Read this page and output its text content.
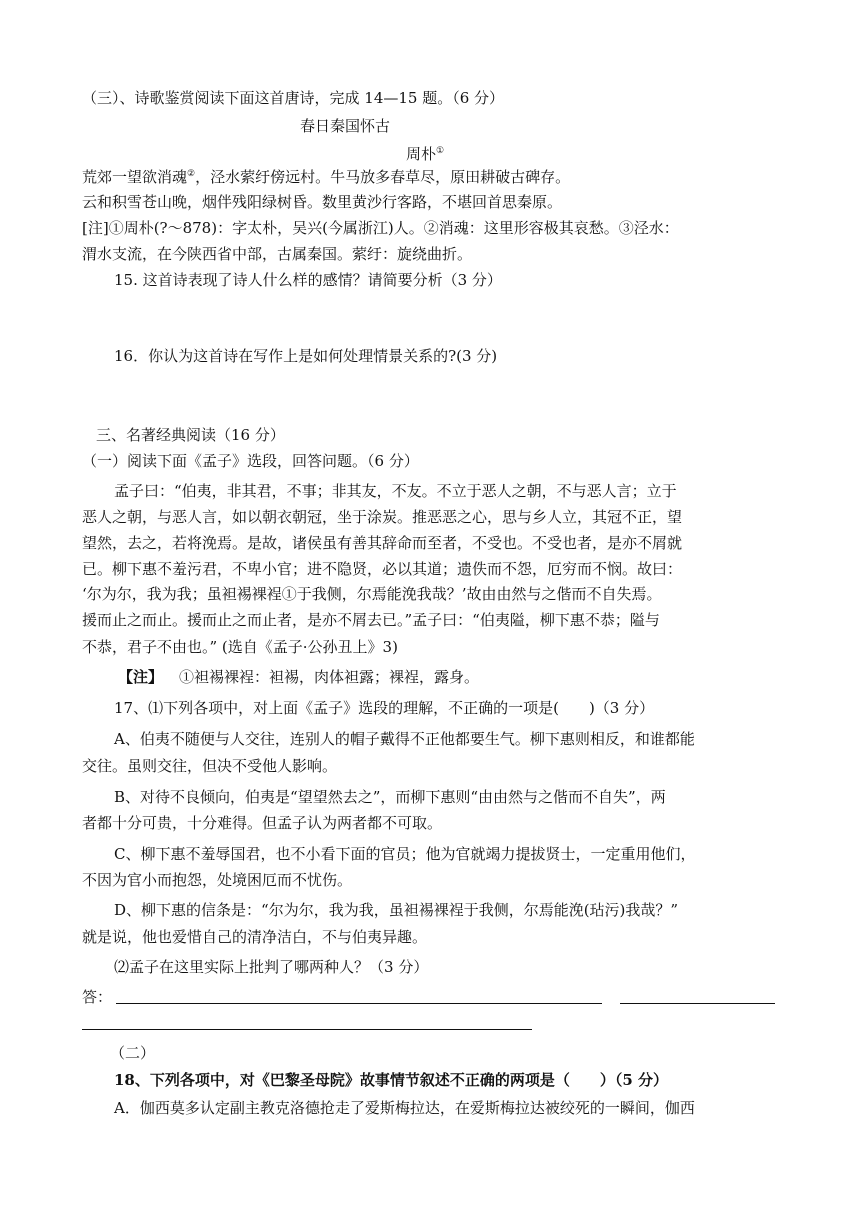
（三）、诗歌鉴赏阅读下面这首唐诗，完成 14—15 题。（6 分）
春日秦国怀古
周朴①
荒郊一望欲消魂②，泾水萦纡傍远村。牛马放多春草尽，原田耕破古碑存。
云和积雪苍山晚，烟伴残阳绿树昏。数里黄沙行客路，不堪回首思秦原。
[注]①周朴(?～878)：字太朴，吴兴(今属浙江)人。②消魂：这里形容极其哀愁。③泾水：
渭水支流，在今陕西省中部，古属秦国。萦纡：旋绕曲折。
15. 这首诗表现了诗人什么样的感情？请简要分析（3 分）
16．你认为这首诗在写作上是如何处理情景关系的?(3 分)
三、名著经典阅读（16 分）
（一）阅读下面《孟子》选段，回答问题。（6 分）
孟子曰：“伯夷，非其君，不事；非其友，不友。不立于恶人之朝，不与恶人言；立于
恶人之朝，与恶人言，如以朝衣朝冠，坐于涂炭。推恶恶之心，思与乡人立，其冠不正，望
望然，去之，若将浼焉。是故，诸侯虽有善其辞命而至者，不受也。不受也者，是亦不屑就
已。柳下惠不羞污君，不卑小官；进不隐贤，必以其道；遗佚而不怨，厄穷而不悯。故曰：
‘尔为尔，我为我；虽袒裼裸裎①于我侧，尔焉能浼我哉？’故由由然与之偕而不自失焉。
援而止之而止。援而止之而止者，是亦不屑去已。”孟子曰：“伯夷隘，柳下惠不恭；隘与
不恭，君子不由也。” (选自《孟子·公孙丑上》3)
【注】 ①袒裼裸裎：袒裼，肉体袒露；裸裎，露身。
17、⑴下列各项中，对上面《孟子》选段的理解，不正确的一项是(　　)（3 分）
A、伯夷不随便与人交往，连别人的帽子戴得不正他都要生气。柳下惠则相反，和谁都能
交往。虽则交往，但决不受他人影响。
B、对待不良倾向，伯夷是“望望然去之”，而柳下惠则“由由然与之偕而不自失”，两
者都十分可贵，十分难得。但孟子认为两者都不可取。
C、柳下惠不羞辱国君，也不小看下面的官员；他为官就竭力提拔贤士，一定重用他们，
不因为官小而抱怨，处境困厄而不忧伤。
D、柳下惠的信条是：“尔为尔，我为我，虽袒裼裸裎于我侧，尔焉能浼(玷污)我哉？”
就是说，他也爱惜自己的清净洁白，不与伯夷异趣。
⑵孟子在这里实际上批判了哪两种人？（3 分）
答：
（二）
18、下列各项中，对《巴黎圣母院》故事情节叙述不正确的两项是（　　）（5 分）
A．伽西莫多认定副主教克洛德抢走了爱斯梅拉达，在爱斯梅拉达被绞死的一瞬间，伽西
